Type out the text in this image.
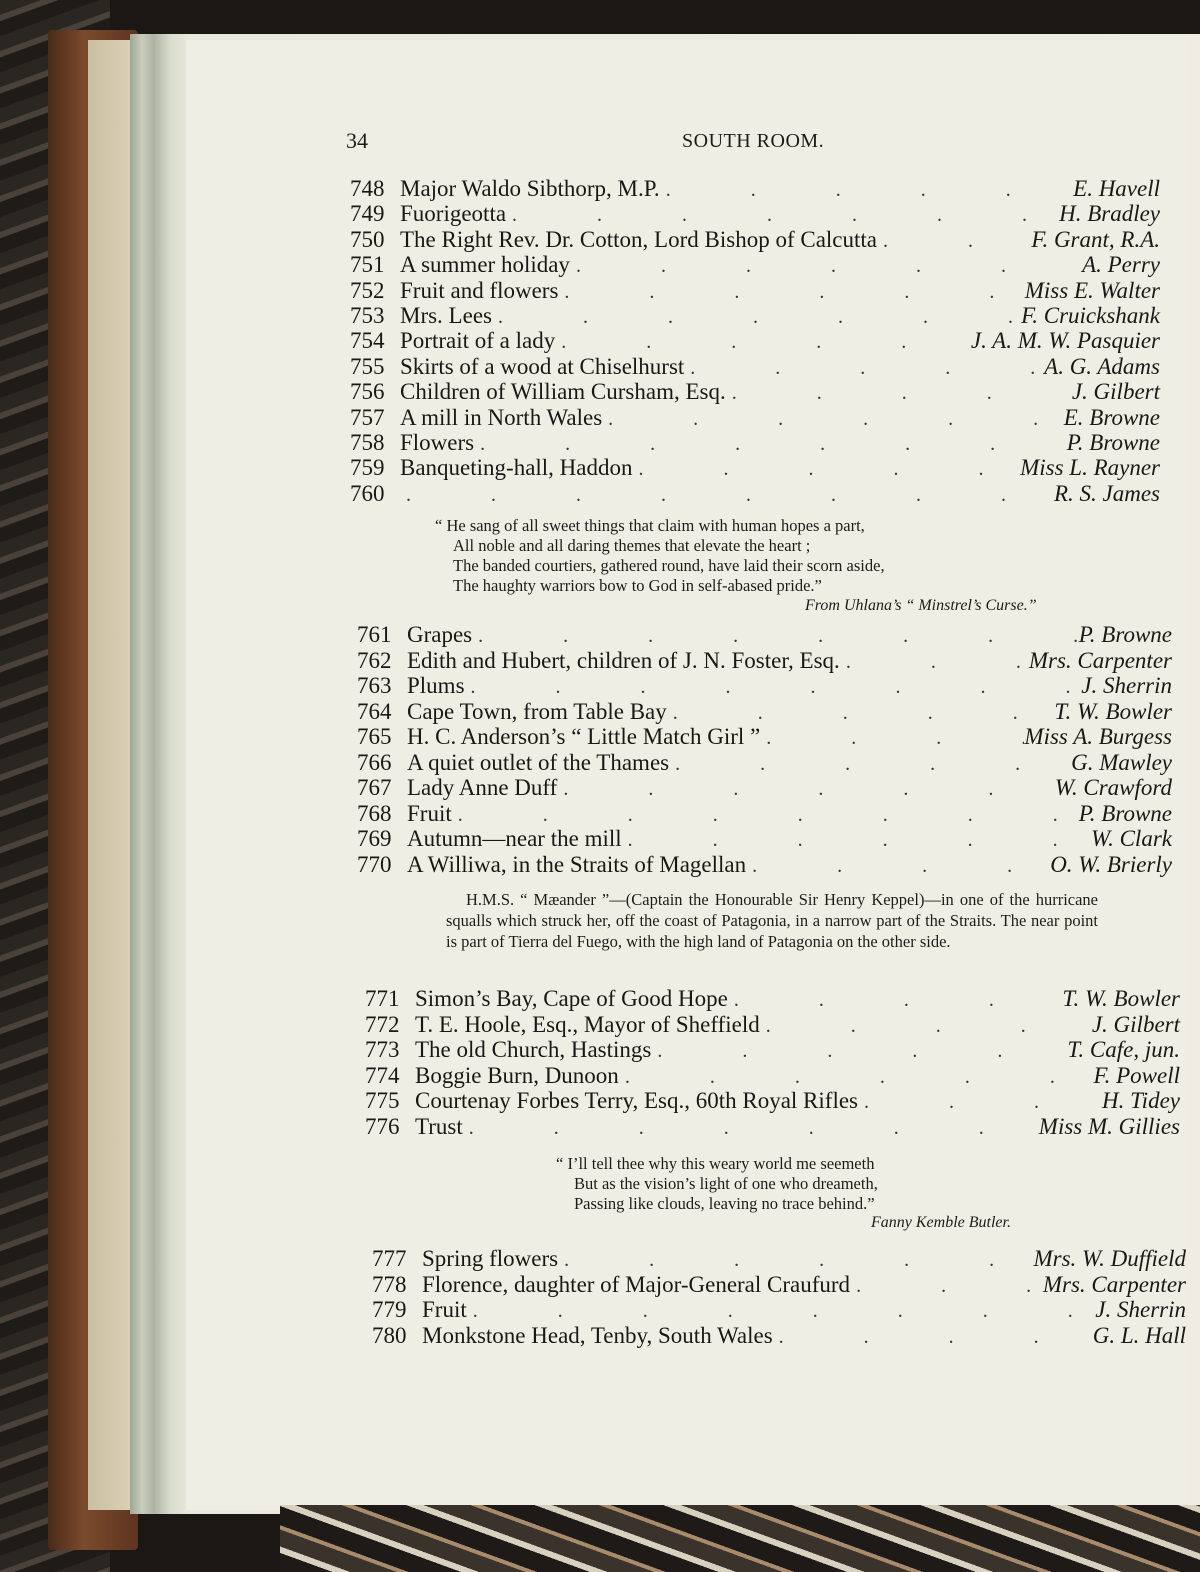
34	SOUTH ROOM.
748 Major Waldo Sibthorp, M.P. .	E. Havell
749 Fuorigeotta .	H. Bradley
750 The Right Rev. Dr. Cotton, Lord Bishop of Calcutta .	F. Grant, R.A.
751 A summer holiday .	A. Perry
752 Fruit and flowers .	Miss E. Walter
753 Mrs. Lees .	F. Cruickshank
754 Portrait of a lady .	J. A. M. W. Pasquier
755 Skirts of a wood at Chiselhurst .	A. G. Adams
756 Children of William Cursham, Esq. .	J. Gilbert
757 A mill in North Wales .	E. Browne
758 Flowers .	P. Browne
759 Banqueting-hall, Haddon .	Miss L. Rayner
760 .	R. S. James

“ He sang of all sweet things that claim with human hopes a part,

All noble and all daring themes that elevate the heart ;

The banded courtiers, gathered round, have laid their scorn aside,

The haughty warriors bow to God in self-abased pride.”

From Uhlana’s “ Minstrel’s Curse.”
761 Grapes .	P. Browne
762 Edith and Hubert, children of J. N. Foster, Esq. .	Mrs. Carpenter
763 Plums .	J. Sherrin
764 Cape Town, from Table Bay .	T. W. Bowler
765 H. C. Anderson’s “ Little Match Girl ” .	Miss A. Burgess
766 A quiet outlet of the Thames .	G. Mawley
767 Lady Anne Duff .	W. Crawford
768 Fruit .	P. Browne
769 Autumn—near the mill .	W. Clark
770 A Williwa, in the Straits of Magellan .	O. W. Brierly
H.M.S. “ Mæander ”—(Captain the Honourable Sir Henry Keppel)—in one of the hurricane squalls which struck her, off the coast of Patagonia, in a narrow part of the Straits. The near point is part of Tierra del Fuego, with the high land of Patagonia on the other side.
771 Simon’s Bay, Cape of Good Hope .	T. W. Bowler
772 T. E. Hoole, Esq., Mayor of Sheffield .	J. Gilbert
773 The old Church, Hastings .	T. Cafe, jun.
774 Boggie Burn, Dunoon .	F. Powell
775 Courtenay Forbes Terry, Esq., 60th Royal Rifles .	H. Tidey
776 Trust .	Miss M. Gillies

“ I’ll tell thee why this weary world me seemeth

But as the vision’s light of one who dreameth,

Passing like clouds, leaving no trace behind.”

Fanny Kemble Butler.
777 Spring flowers .	Mrs. W. Duffield
778 Florence, daughter of Major-General Craufurd .	Mrs. Carpenter
779 Fruit .	J. Sherrin
780 Monkstone Head, Tenby, South Wales .	G. L. Hall
